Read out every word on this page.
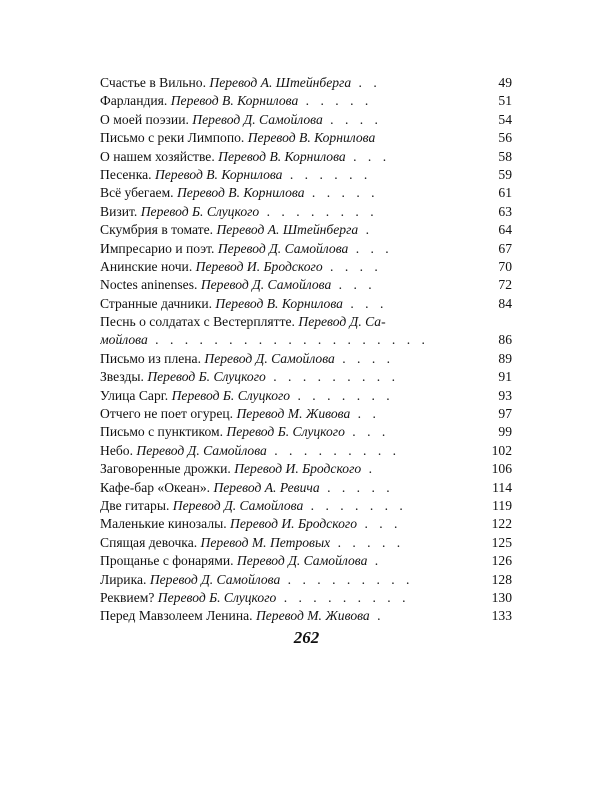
Счастье в Вильно. Перевод А. Штейнберга . .	49
Фарландия. Перевод В. Корнилова . . . . .	51
О моей поэзии. Перевод Д. Самойлова . . . .	54
Письмо с реки Лимпопо. Перевод В. Корнилова	56
О нашем хозяйстве. Перевод В. Корнилова . . .	58
Песенка. Перевод В. Корнилова . . . . . .	59
Всё убегаем. Перевод В. Корнилова . . . . .	61
Визит. Перевод Б. Слуцкого . . . . . . . .	63
Скумбрия в томате. Перевод А. Штейнберга .	64
Импресарио и поэт. Перевод Д. Самойлова . . .	67
Анинские ночи. Перевод И. Бродского . . . .	70
Noctes aninenses. Перевод Д. Самойлова . . .	72
Странные дачники. Перевод В. Корнилова . . .	84
Песнь о солдатах с Вестерплятте. Перевод Д. Са-
мойлова . . . . . . . . . . . . . . . . . . .	86
Письмо из плена. Перевод Д. Самойлова . . . .	89
Звезды. Перевод Б. Слуцкого . . . . . . . . .	91
Улица Сарг. Перевод Б. Слуцкого . . . . . . .	93
Отчего не поет огурец. Перевод М. Живова . .	97
Письмо с пунктиком. Перевод Б. Слуцкого . . .	99
Небо. Перевод Д. Самойлова . . . . . . . . .	102
Заговоренные дрожки. Перевод И. Бродского .	106
Кафе-бар «Океан». Перевод А. Ревича . . . . .	114
Две гитары. Перевод Д. Самойлова . . . . . . .	119
Маленькие кинозалы. Перевод И. Бродского . . .	122
Спящая девочка. Перевод М. Петровых . . . . .	125
Прощанье с фонарями. Перевод Д. Самойлова .	126
Лирика. Перевод Д. Самойлова . . . . . . . . .	128
Реквием? Перевод Б. Слуцкого . . . . . . . . .	130
Перед Мавзолеем Ленина. Перевод М. Живова .	133
262
